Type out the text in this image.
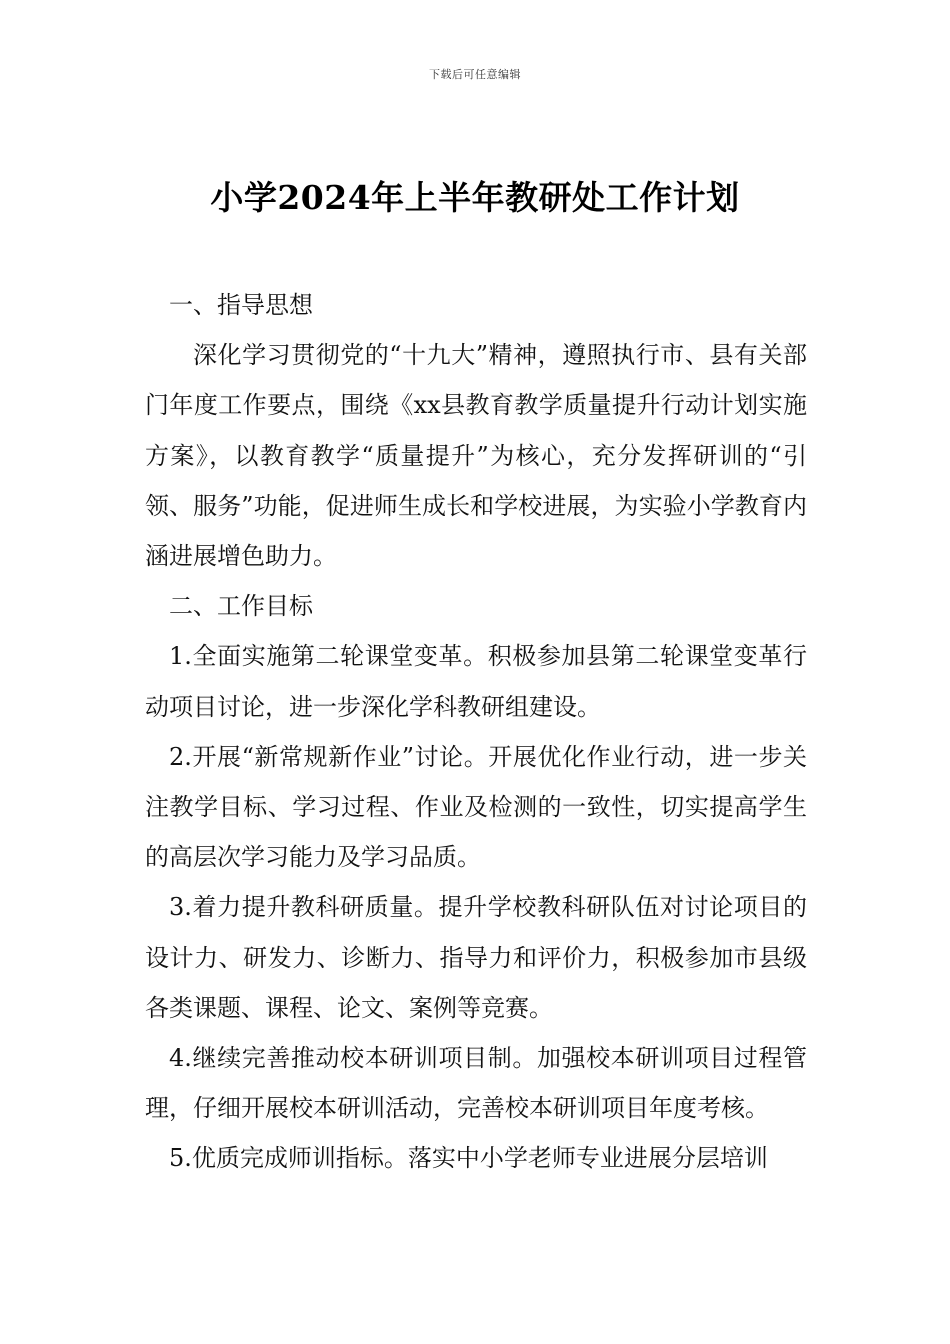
下载后可任意编辑
小学2024年上半年教研处工作计划

一、指导思想

深化学习贯彻党的“十九大”精神，遵照执行市、县有关部门年度工作要点，围绕《xx县教育教学质量提升行动计划实施方案》，以教育教学“质量提升”为核心，充分发挥研训的“引领、服务”功能，促进师生成长和学校进展，为实验小学教育内涵进展增色助力。

二、工作目标

1.全面实施第二轮课堂变革。积极参加县第二轮课堂变革行动项目讨论，进一步深化学科教研组建设。

2.开展“新常规新作业”讨论。开展优化作业行动，进一步关注教学目标、学习过程、作业及检测的一致性，切实提高学生的高层次学习能力及学习品质。

3.着力提升教科研质量。提升学校教科研队伍对讨论项目的设计力、研发力、诊断力、指导力和评价力，积极参加市县级各类课题、课程、论文、案例等竞赛。

4.继续完善推动校本研训项目制。加强校本研训项目过程管理，仔细开展校本研训活动，完善校本研训项目年度考核。

5.优质完成师训指标。落实中小学老师专业进展分层培训
